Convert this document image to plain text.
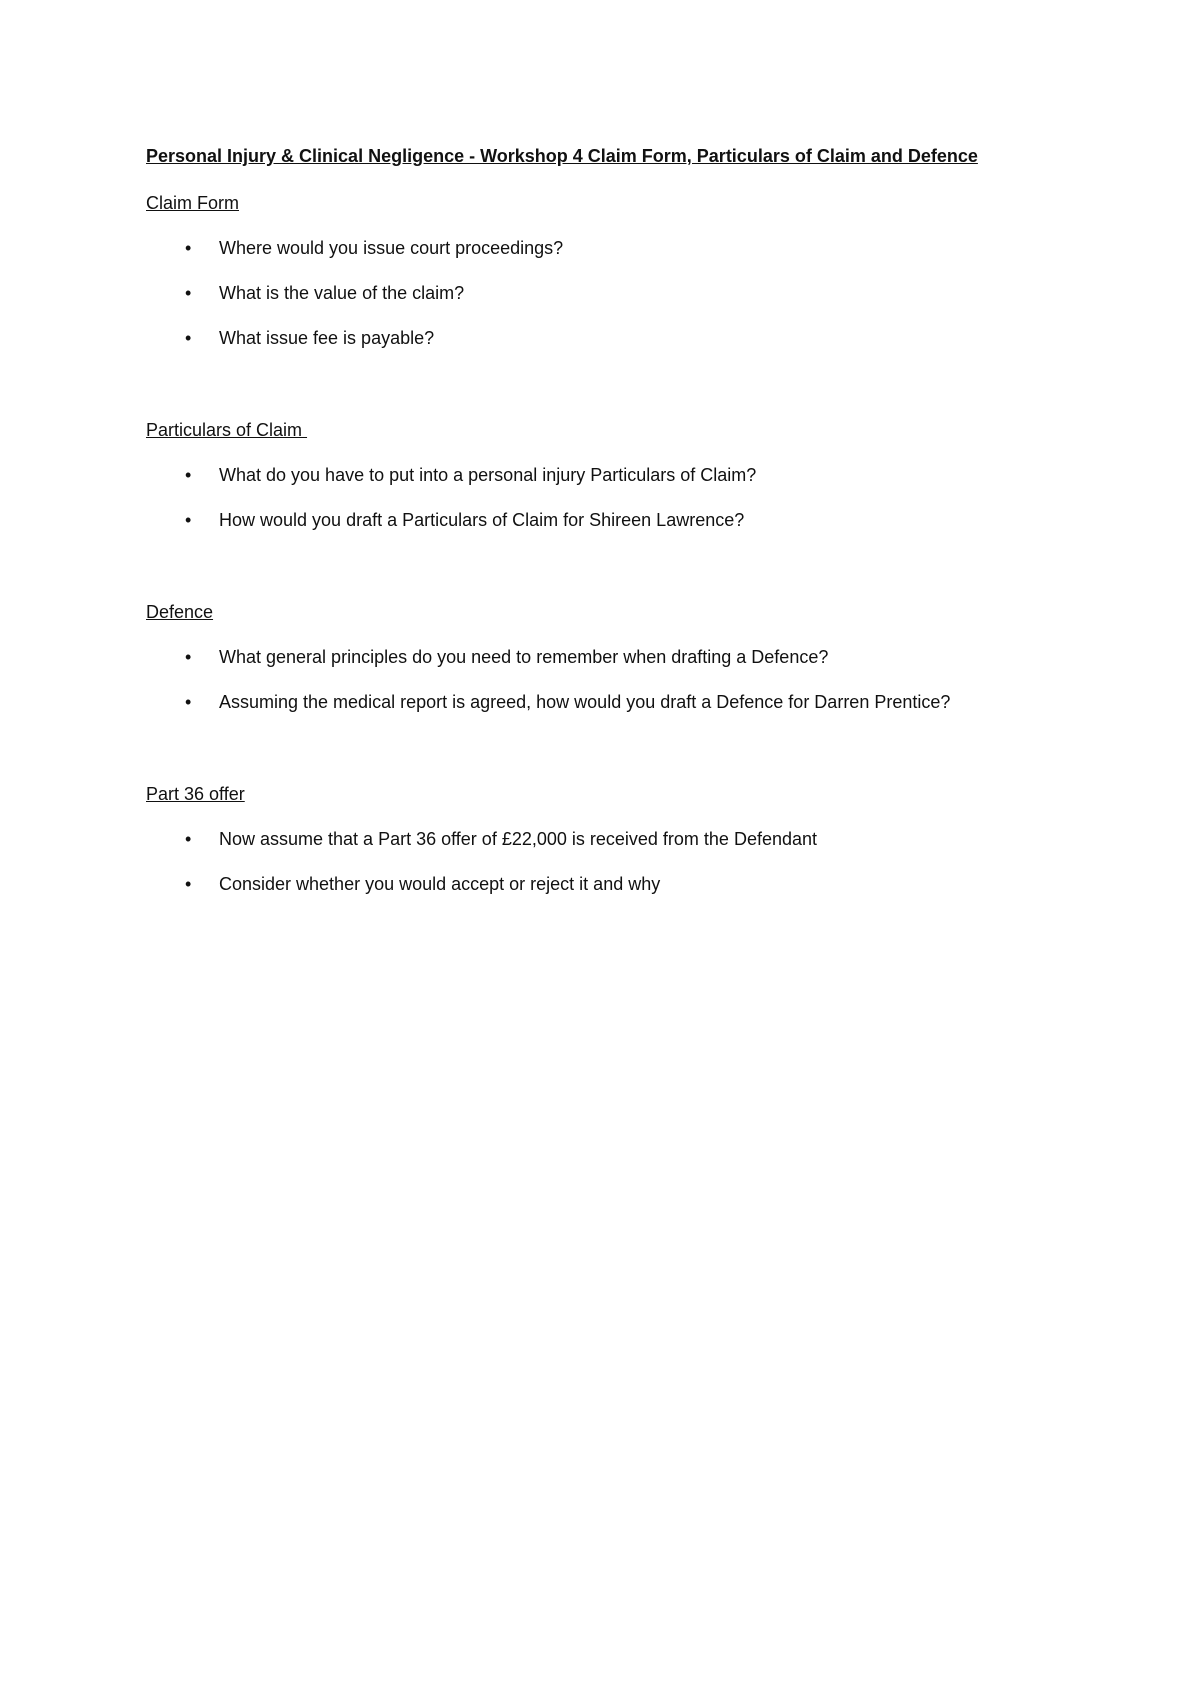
Personal Injury & Clinical Negligence - Workshop 4 Claim Form, Particulars of Claim and Defence
Claim Form
• Where would you issue court proceedings?
• What is the value of the claim?
• What issue fee is payable?
Particulars of Claim
• What do you have to put into a personal injury Particulars of Claim?
• How would you draft a Particulars of Claim for Shireen Lawrence?
Defence
• What general principles do you need to remember when drafting a Defence?
• Assuming the medical report is agreed, how would you draft a Defence for Darren Prentice?
Part 36 offer
• Now assume that a Part 36 offer of £22,000 is received from the Defendant
• Consider whether you would accept or reject it and why
